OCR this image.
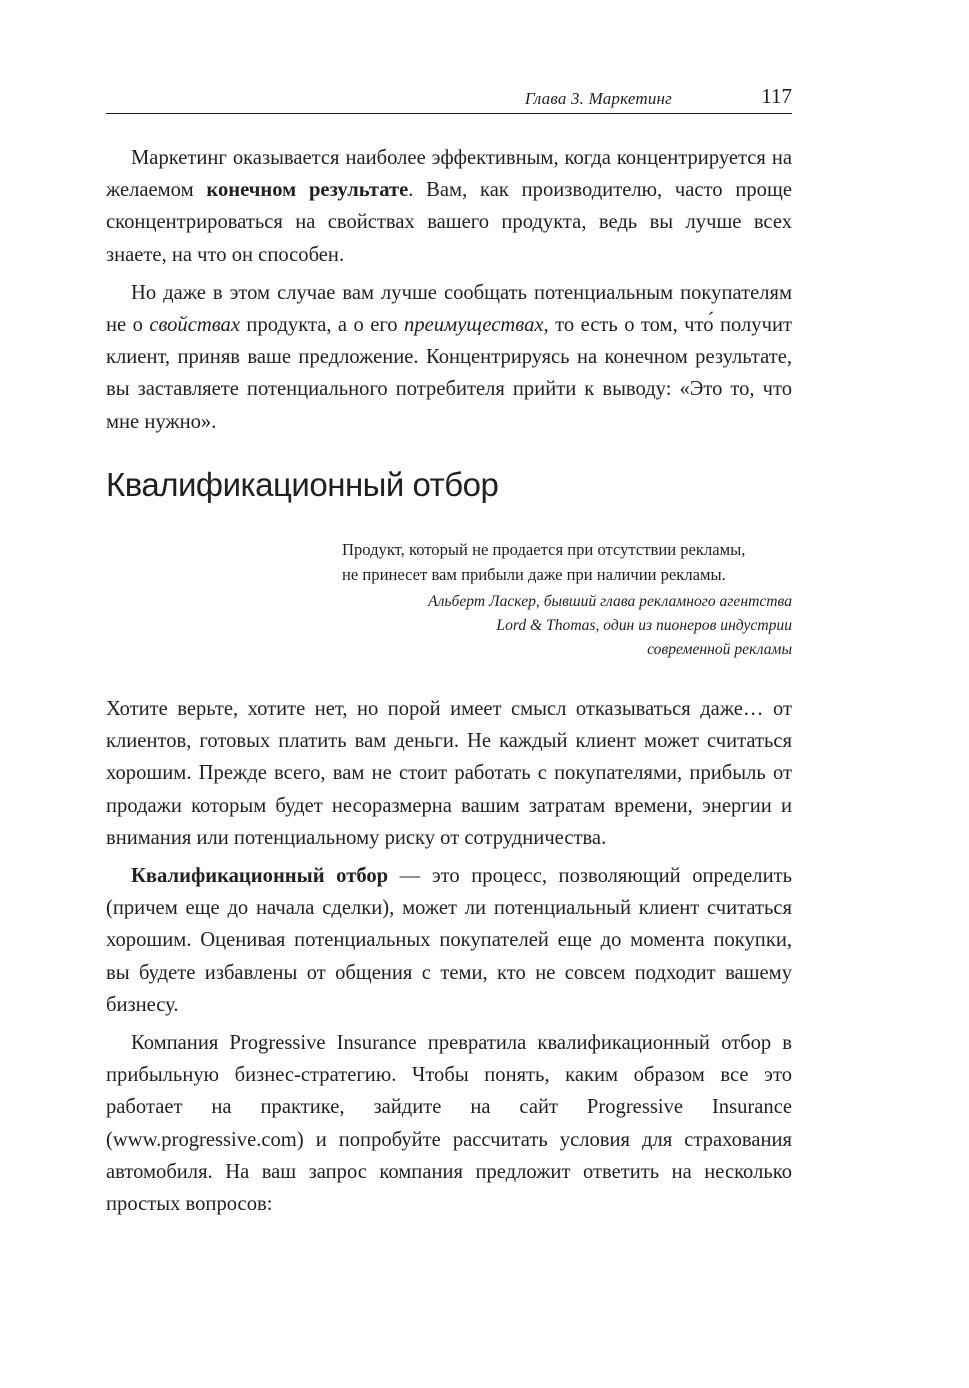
Глава 3. Маркетинг	117

Маркетинг оказывается наиболее эффективным, когда концентрируется на желаемом конечном результате. Вам, как производителю, часто проще сконцентрироваться на свойствах вашего продукта, ведь вы лучше всех знаете, на что он способен.

Но даже в этом случае вам лучше сообщать потенциальным покупателям не о свойствах продукта, а о его преимуществах, то есть о том, что́ получит клиент, приняв ваше предложение. Концентрируясь на конечном результате, вы заставляете потенциального потребителя прийти к выводу: «Это то, что мне нужно».

Квалификационный отбор

Продукт, который не продается при отсутствии рекламы,
не принесет вам прибыли даже при наличии рекламы.

Альберт Ласкер, бывший глава рекламного агентства
Lord & Thomas, один из пионеров индустрии
современной рекламы

Хотите верьте, хотите нет, но порой имеет смысл отказываться даже… от клиентов, готовых платить вам деньги. Не каждый клиент может считаться хорошим. Прежде всего, вам не стоит работать с покупателями, прибыль от продажи которым будет несоразмерна вашим затратам времени, энергии и внимания или потенциальному риску от сотрудничества.

Квалификационный отбор — это процесс, позволяющий определить (причем еще до начала сделки), может ли потенциальный клиент считаться хорошим. Оценивая потенциальных покупателей еще до момента покупки, вы будете избавлены от общения с теми, кто не совсем подходит вашему бизнесу.

Компания Progressive Insurance превратила квалификационный отбор в прибыльную бизнес-стратегию. Чтобы понять, каким образом все это работает на практике, зайдите на сайт Progressive Insurance (www.progressive.com) и попробуйте рассчитать условия для страхования автомобиля. На ваш запрос компания предложит ответить на несколько простых вопросов:
